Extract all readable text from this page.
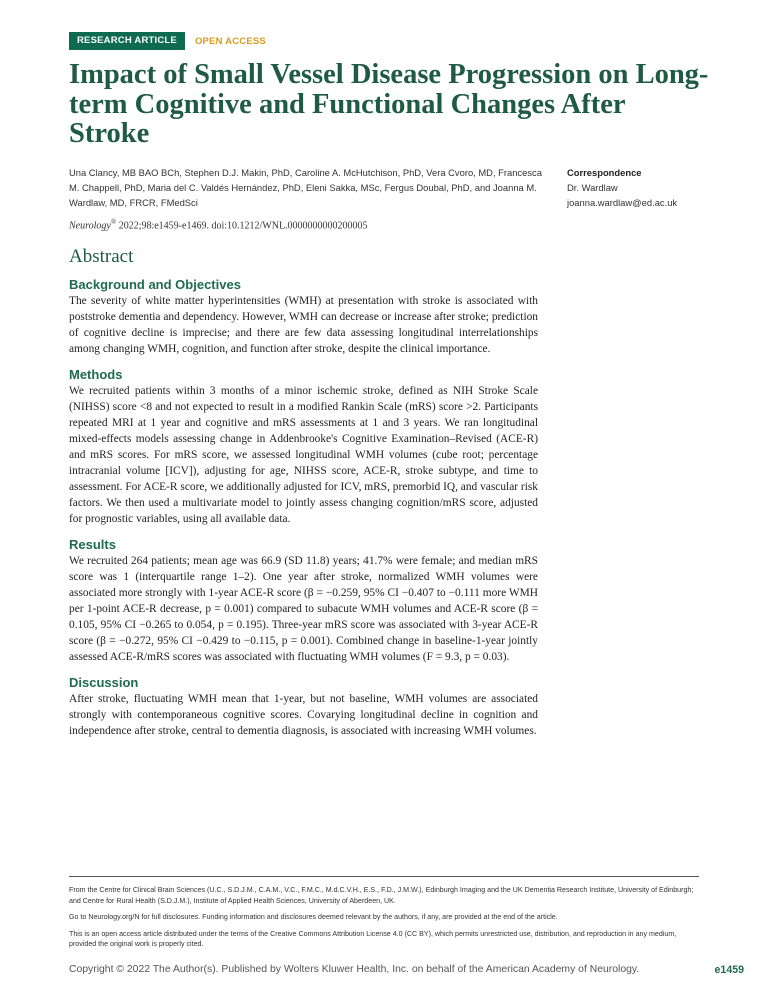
RESEARCH ARTICLE	OPEN ACCESS
Impact of Small Vessel Disease Progression on Long-term Cognitive and Functional Changes After Stroke

Una Clancy, MB BAO BCh, Stephen D.J. Makin, PhD, Caroline A. McHutchison, PhD, Vera Cvoro, MD, Francesca M. Chappell, PhD, Maria del C. Valdés Hernández, PhD, Eleni Sakka, MSc, Fergus Doubal, PhD, and Joanna M. Wardlaw, MD, FRCR, FMedSci

Correspondence
Dr. Wardlaw
joanna.wardlaw@ed.ac.uk
Neurology® 2022;98:e1459-e1469. doi:10.1212/WNL.0000000000200005
Abstract
Background and Objectives

The severity of white matter hyperintensities (WMH) at presentation with stroke is associated with poststroke dementia and dependency. However, WMH can decrease or increase after stroke; prediction of cognitive decline is imprecise; and there are few data assessing longitudinal interrelationships among changing WMH, cognition, and function after stroke, despite the clinical importance.

Methods

We recruited patients within 3 months of a minor ischemic stroke, defined as NIH Stroke Scale (NIHSS) score <8 and not expected to result in a modified Rankin Scale (mRS) score >2. Participants repeated MRI at 1 year and cognitive and mRS assessments at 1 and 3 years. We ran longitudinal mixed-effects models assessing change in Addenbrooke's Cognitive Examination–Revised (ACE-R) and mRS scores. For mRS score, we assessed longitudinal WMH volumes (cube root; percentage intracranial volume [ICV]), adjusting for age, NIHSS score, ACE-R, stroke subtype, and time to assessment. For ACE-R score, we additionally adjusted for ICV, mRS, premorbid IQ, and vascular risk factors. We then used a multivariate model to jointly assess changing cognition/mRS score, adjusted for prognostic variables, using all available data.

Results

We recruited 264 patients; mean age was 66.9 (SD 11.8) years; 41.7% were female; and median mRS score was 1 (interquartile range 1–2). One year after stroke, normalized WMH volumes were associated more strongly with 1-year ACE-R score (β = −0.259, 95% CI −0.407 to −0.111 more WMH per 1-point ACE-R decrease, p = 0.001) compared to subacute WMH volumes and ACE-R score (β = 0.105, 95% CI −0.265 to 0.054, p = 0.195). Three-year mRS score was associated with 3-year ACE-R score (β = −0.272, 95% CI −0.429 to −0.115, p = 0.001). Combined change in baseline-1-year jointly assessed ACE-R/mRS scores was associated with fluctuating WMH volumes (F = 9.3, p = 0.03).

Discussion

After stroke, fluctuating WMH mean that 1-year, but not baseline, WMH volumes are associated strongly with contemporaneous cognitive scores. Covarying longitudinal decline in cognition and independence after stroke, central to dementia diagnosis, is associated with increasing WMH volumes.

From the Centre for Clinical Brain Sciences (U.C., S.D.J.M., C.A.M., V.C., F.M.C., M.d.C.V.H., E.S., F.D., J.M.W.), Edinburgh Imaging and the UK Dementia Research Institute, University of Edinburgh; and Centre for Rural Health (S.D.J.M.), Institute of Applied Health Sciences, University of Aberdeen, UK.

Go to Neurology.org/N for full disclosures. Funding information and disclosures deemed relevant by the authors, if any, are provided at the end of the article.

This is an open access article distributed under the terms of the Creative Commons Attribution License 4.0 (CC BY), which permits unrestricted use, distribution, and reproduction in any medium, provided the original work is properly cited.

Copyright © 2022 The Author(s). Published by Wolters Kluwer Health, Inc. on behalf of the American Academy of Neurology.	e1459
